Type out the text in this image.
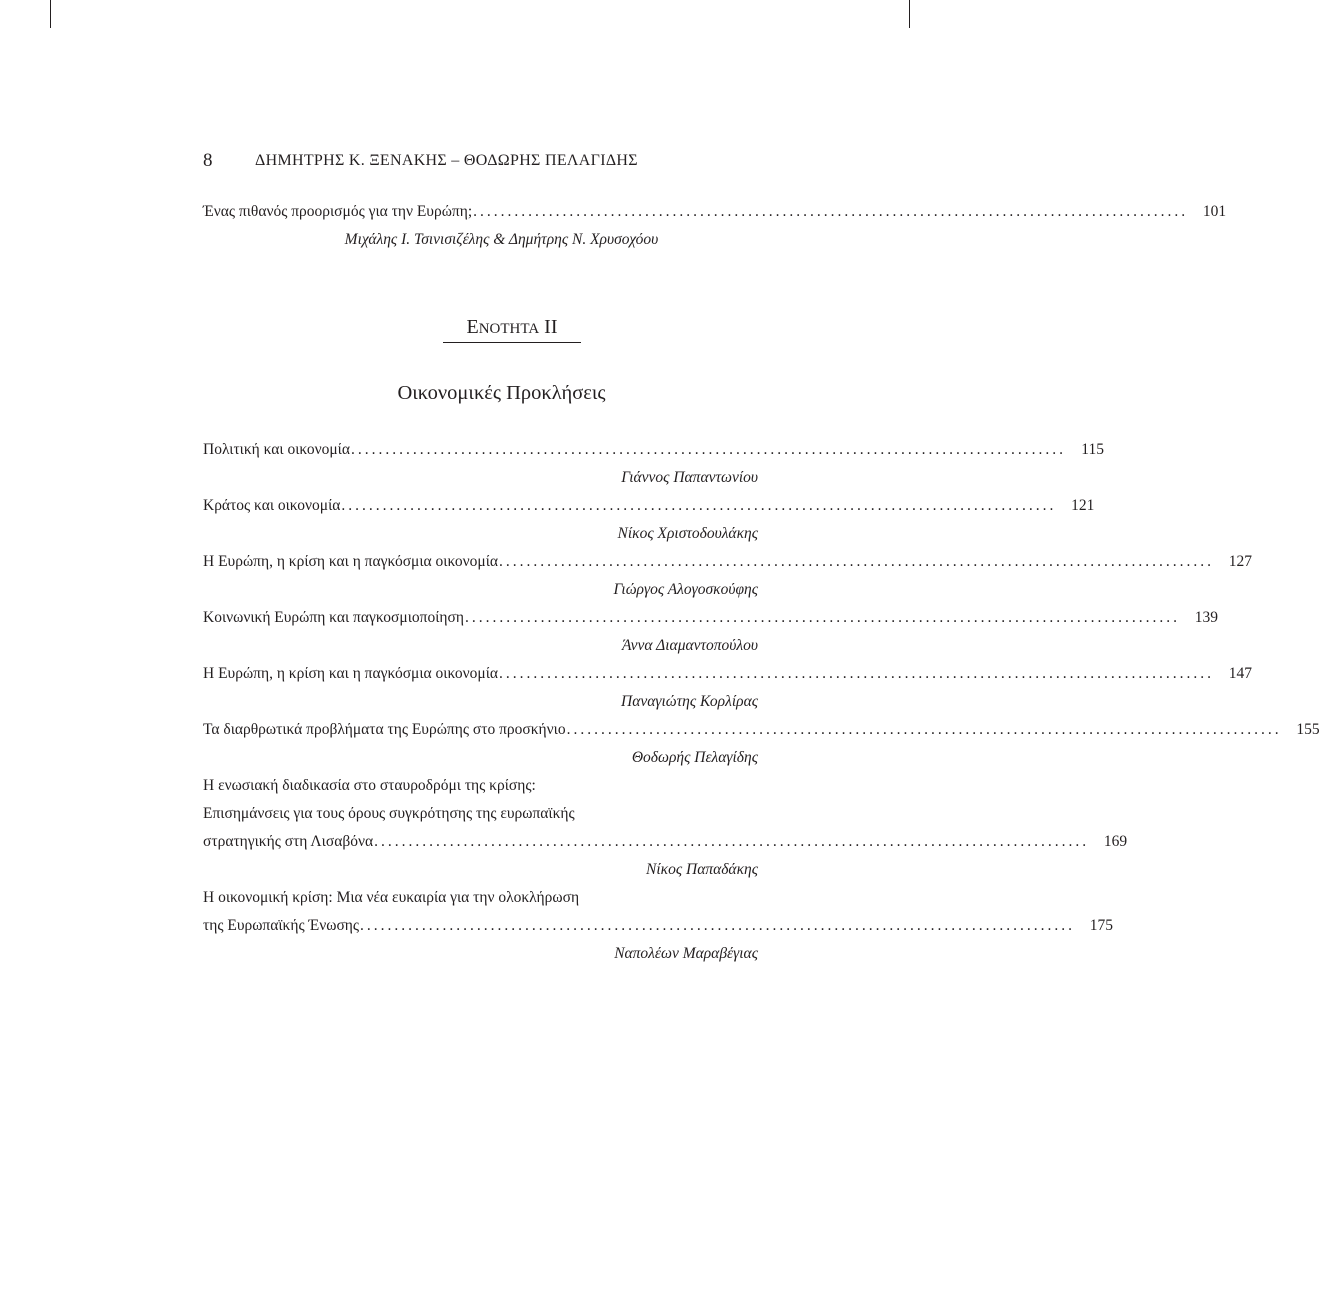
8	ΔΗΜΗΤΡΗΣ Κ. ΞΕΝΑΚΗΣ – ΘΟΔΩΡΗΣ ΠΕΛΑΓΙΔΗΣ
Ένας πιθανός προορισμός για την Ευρώπη; ........................................................................................................ 101
Μιχάλης Ι. Τσινισιζέλης & Δημήτρης Ν. Χρυσοχόου
ΕΝΟΤΗΤΑ ΙΙ
Οικονομικές Προκλήσεις
Πολιτική και οικονομία ........................................................................................................ 115
Γιάννος Παπαντωνίου
Κράτος και οικονομία ........................................................................................................ 121
Νίκος Χριστοδουλάκης
Η Ευρώπη, η κρίση και η παγκόσμια οικονομία ........................................................................................................ 127
Γιώργος Αλογοσκούφης
Κοινωνική Ευρώπη και παγκοσμιοποίηση ........................................................................................................ 139
Άννα Διαμαντοπούλου
Η Ευρώπη, η κρίση και η παγκόσμια οικονομία ........................................................................................................ 147
Παναγιώτης Κορλίρας
Τα διαρθρωτικά προβλήματα της Ευρώπης στο προσκήνιο ........................................................................................................ 155
Θοδωρής Πελαγίδης
Η ενωσιακή διαδικασία στο σταυροδρόμι της κρίσης:
Επισημάνσεις για τους όρους συγκρότησης της ευρωπαϊκής
στρατηγικής στη Λισαβόνα ........................................................................................................ 169
Νίκος Παπαδάκης
Η οικονομική κρίση: Μια νέα ευκαιρία για την ολοκλήρωση
της Ευρωπαϊκής Ένωσης ........................................................................................................ 175
Ναπολέων Μαραβέγιας
